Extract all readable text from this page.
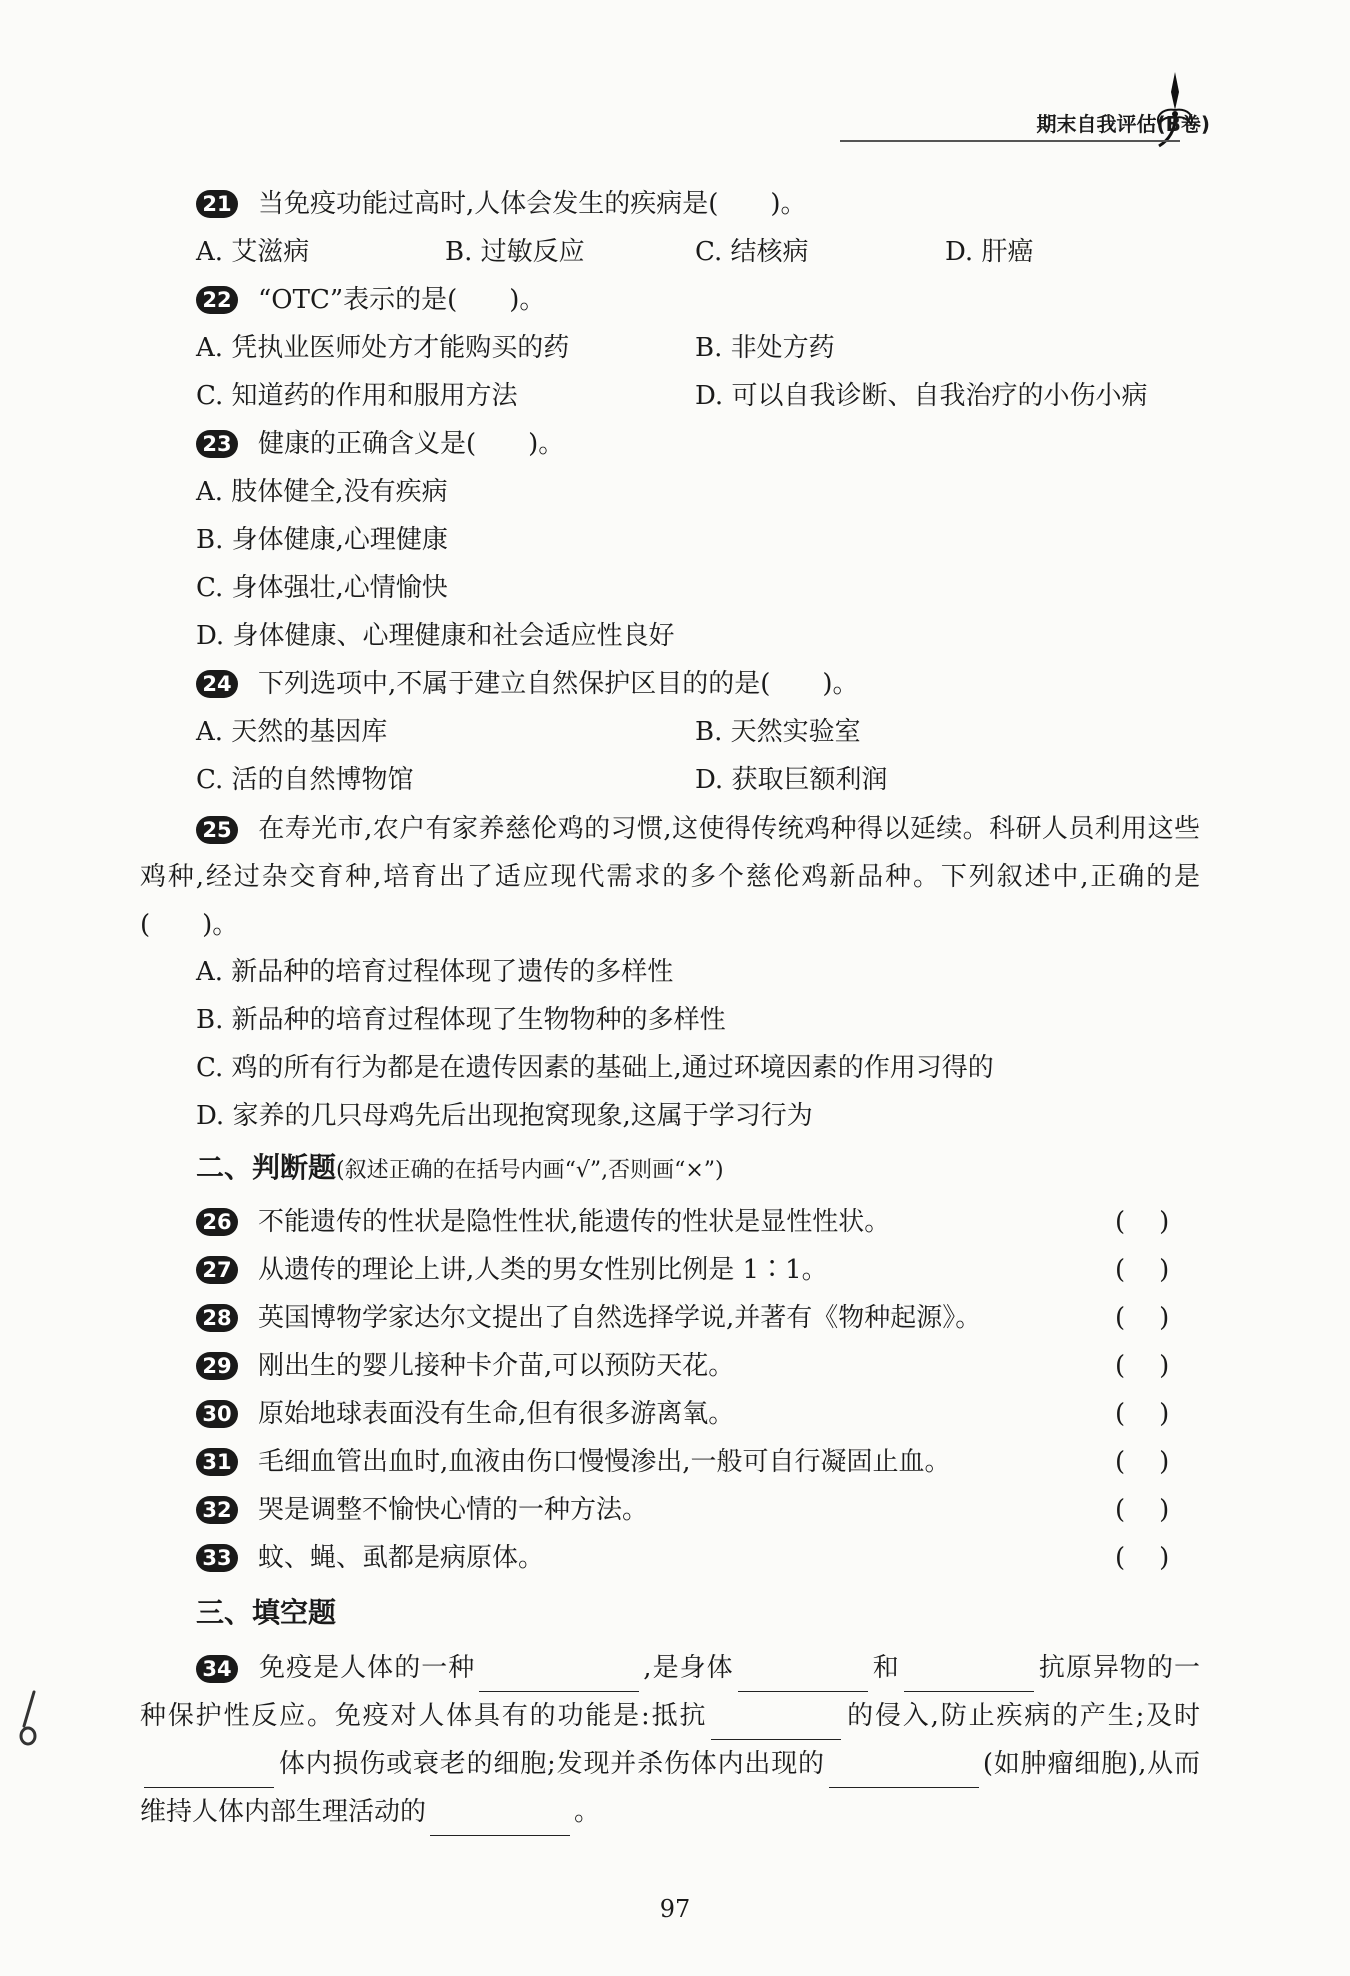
期末自我评估(B卷)
21 当免疫功能过高时,人体会发生的疾病是(　　)。
A. 艾滋病	B. 过敏反应	C. 结核病	D. 肝癌
22 “OTC”表示的是(　　)。
A. 凭执业医师处方才能购买的药	B. 非处方药
C. 知道药的作用和服用方法	D. 可以自我诊断、自我治疗的小伤小病
23 健康的正确含义是(　　)。
A. 肢体健全,没有疾病
B. 身体健康,心理健康
C. 身体强壮,心情愉快
D. 身体健康、心理健康和社会适应性良好
24 下列选项中,不属于建立自然保护区目的的是(　　)。
A. 天然的基因库	B. 天然实验室
C. 活的自然博物馆	D. 获取巨额利润
25 在寿光市,农户有家养慈伦鸡的习惯,这使得传统鸡种得以延续。科研人员利用这些鸡种,经过杂交育种,培育出了适应现代需求的多个慈伦鸡新品种。下列叙述中,正确的是(　　)。
A. 新品种的培育过程体现了遗传的多样性
B. 新品种的培育过程体现了生物物种的多样性
C. 鸡的所有行为都是在遗传因素的基础上,通过环境因素的作用习得的
D. 家养的几只母鸡先后出现抱窝现象,这属于学习行为
二、判断题(叙述正确的在括号内画“√”,否则画“×”)
26 不能遗传的性状是隐性性状,能遗传的性状是显性性状。	()
27 从遗传的理论上讲,人类的男女性别比例是 1∶1。	()
28 英国博物学家达尔文提出了自然选择学说,并著有《物种起源》。	()
29 刚出生的婴儿接种卡介苗,可以预防天花。	()
30 原始地球表面没有生命,但有很多游离氧。	()
31 毛细血管出血时,血液由伤口慢慢渗出,一般可自行凝固止血。	()
32 哭是调整不愉快心情的一种方法。	()
33 蚊、蝇、虱都是病原体。	()
三、填空题
34 免疫是人体的一种	,是身体	和	抗原异物的一种保护性反应。免疫对人体具有的功能是:抵抗	的侵入,防止疾病的产生;及时体内损伤或衰老的细胞;发现并杀伤体内出现的	(如肿瘤细胞),从而维持人体内部生理活动的	。
97
